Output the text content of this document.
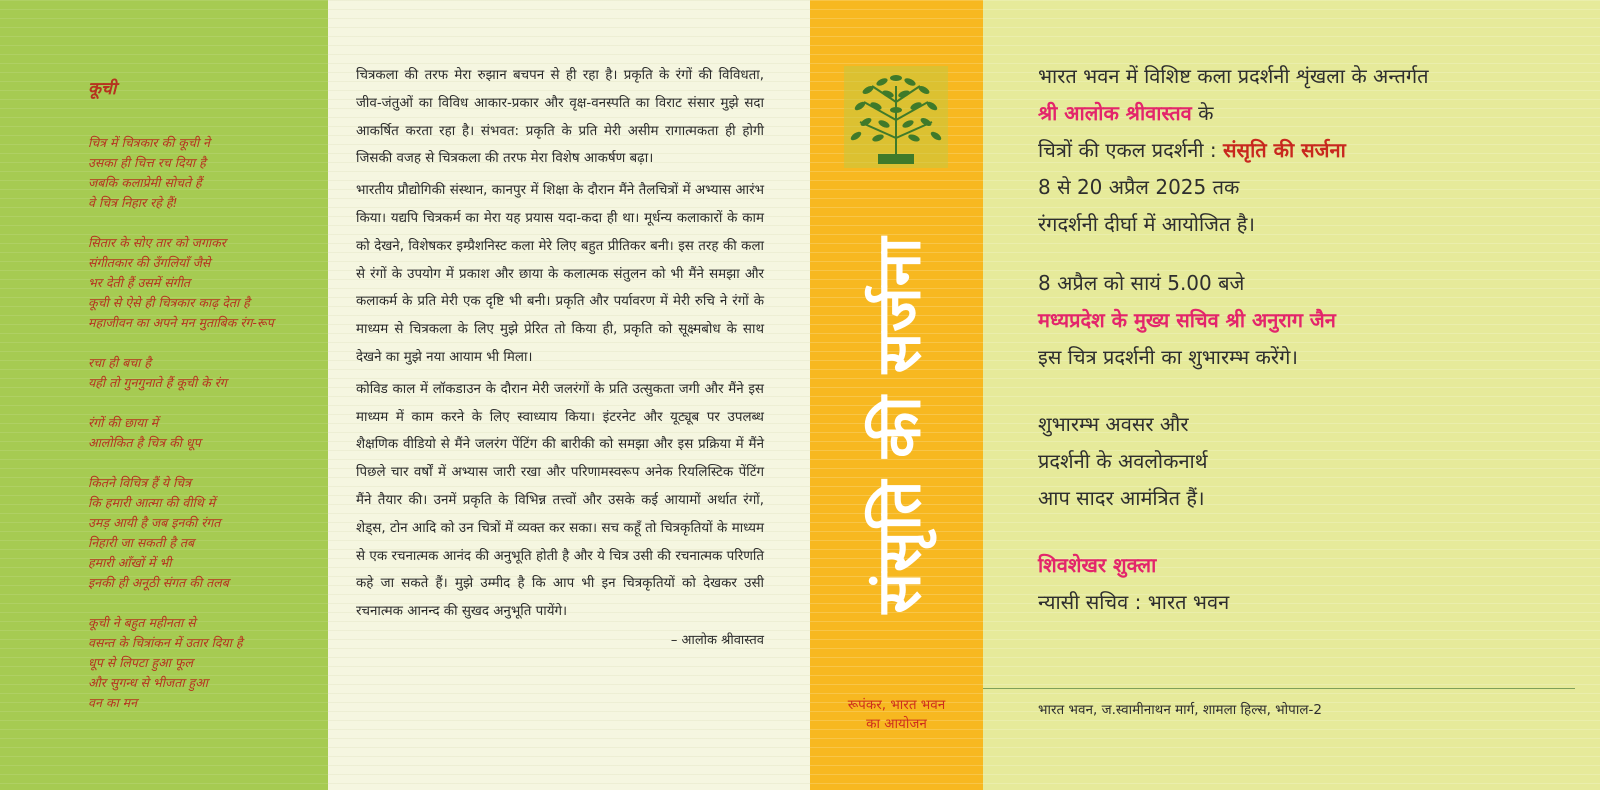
कूची
चित्र में चित्रकार की कूची ने
उसका ही चित्त रच दिया है
जबकि कलाप्रेमी सोचते हैं
वे चित्र निहार रहे हैं!
सितार के सोए तार को जगाकर
संगीतकार की उँगलियाँ जैसे
भर देती हैं उसमें संगीत
कूची से ऐसे ही चित्रकार काढ़ देता है
महाजीवन का अपने मन मुताबिक रंग-रूप
रचा ही बचा है
यही तो गुनगुनाते हैं कूची के रंग
रंगों की छाया में
आलोकित है चित्र की धूप
कितने विचित्र हैं ये चित्र
कि हमारी आत्मा की वीथि में
उमड़ आयी है जब इनकी रंगत
निहारी जा सकती है तब
हमारी आँखों में भी
इनकी ही अनूठी संगत की तलब
कूची ने बहुत महीनता से
वसन्त के चित्रांकन में उतार दिया है
धूप से लिपटा हुआ फूल
और सुगन्ध से भीजता हुआ
वन का मन

चित्रकला की तरफ मेरा रुझान बचपन से ही रहा है। प्रकृति के रंगों की विविधता, जीव-जंतुओं का विविध आकार-प्रकार और वृक्ष-वनस्पति का विराट संसार मुझे सदा आकर्षित करता रहा है। संभवत: प्रकृति के प्रति मेरी असीम रागात्मकता ही होगी जिसकी वजह से चित्रकला की तरफ मेरा विशेष आकर्षण बढ़ा।

भारतीय प्रौद्योगिकी संस्थान, कानपुर में शिक्षा के दौरान मैंने तैलचित्रों में अभ्यास आरंभ किया। यद्यपि चित्रकर्म का मेरा यह प्रयास यदा-कदा ही था। मूर्धन्य कलाकारों के काम को देखने, विशेषकर इम्प्रैशनिस्ट कला मेरे लिए बहुत प्रीतिकर बनी। इस तरह की कला से रंगों के उपयोग में प्रकाश और छाया के कलात्मक संतुलन को भी मैंने समझा और कलाकर्म के प्रति मेरी एक दृष्टि भी बनी। प्रकृति और पर्यावरण में मेरी रुचि ने रंगों के माध्यम से चित्रकला के लिए मुझे प्रेरित तो किया ही, प्रकृति को सूक्ष्मबोध के साथ देखने का मुझे नया आयाम भी मिला।

कोविड काल में लॉकडाउन के दौरान मेरी जलरंगों के प्रति उत्सुकता जगी और मैंने इस माध्यम में काम करने के लिए स्वाध्याय किया। इंटरनेट और यूट्यूब पर उपलब्ध शैक्षणिक वीडियो से मैंने जलरंग पेंटिंग की बारीकी को समझा और इस प्रक्रिया में मैंने पिछले चार वर्षों में अभ्यास जारी रखा और परिणामस्वरूप अनेक रियलिस्टिक पेंटिंग मैंने तैयार की। उनमें प्रकृति के विभिन्न तत्त्वों और उसके कई आयामों अर्थात रंगों, शेड्स, टोन आदि को उन चित्रों में व्यक्त कर सका। सच कहूँ तो चित्रकृतियों के माध्यम से एक रचनात्मक आनंद की अनुभूति होती है और ये चित्र उसी की रचनात्मक परिणति कहे जा सकते हैं। मुझे उम्मीद है कि आप भी इन चित्रकृतियों को देखकर उसी रचनात्मक आनन्द की सुखद अनुभूति पायेंगे।

– आलोक श्रीवास्तव
संसृति की सर्जना
रूपंकर, भारत भवन
का आयोजन
भारत भवन में विशिष्ट कला प्रदर्शनी शृंखला के अन्तर्गत
श्री आलोक श्रीवास्तव के
चित्रों की एकल प्रदर्शनी : संसृति की सर्जना
8 से 20 अप्रैल 2025 तक
रंगदर्शनी दीर्घा में आयोजित है।
8 अप्रैल को सायं 5.00 बजे
मध्यप्रदेश के मुख्य सचिव श्री अनुराग जैन
इस चित्र प्रदर्शनी का शुभारम्भ करेंगे।
शुभारम्भ अवसर और
प्रदर्शनी के अवलोकनार्थ
आप सादर आमंत्रित हैं।
शिवशेखर शुक्ला
न्यासी सचिव : भारत भवन
भारत भवन, ज.स्वामीनाथन मार्ग, शामला हिल्स, भोपाल-2
